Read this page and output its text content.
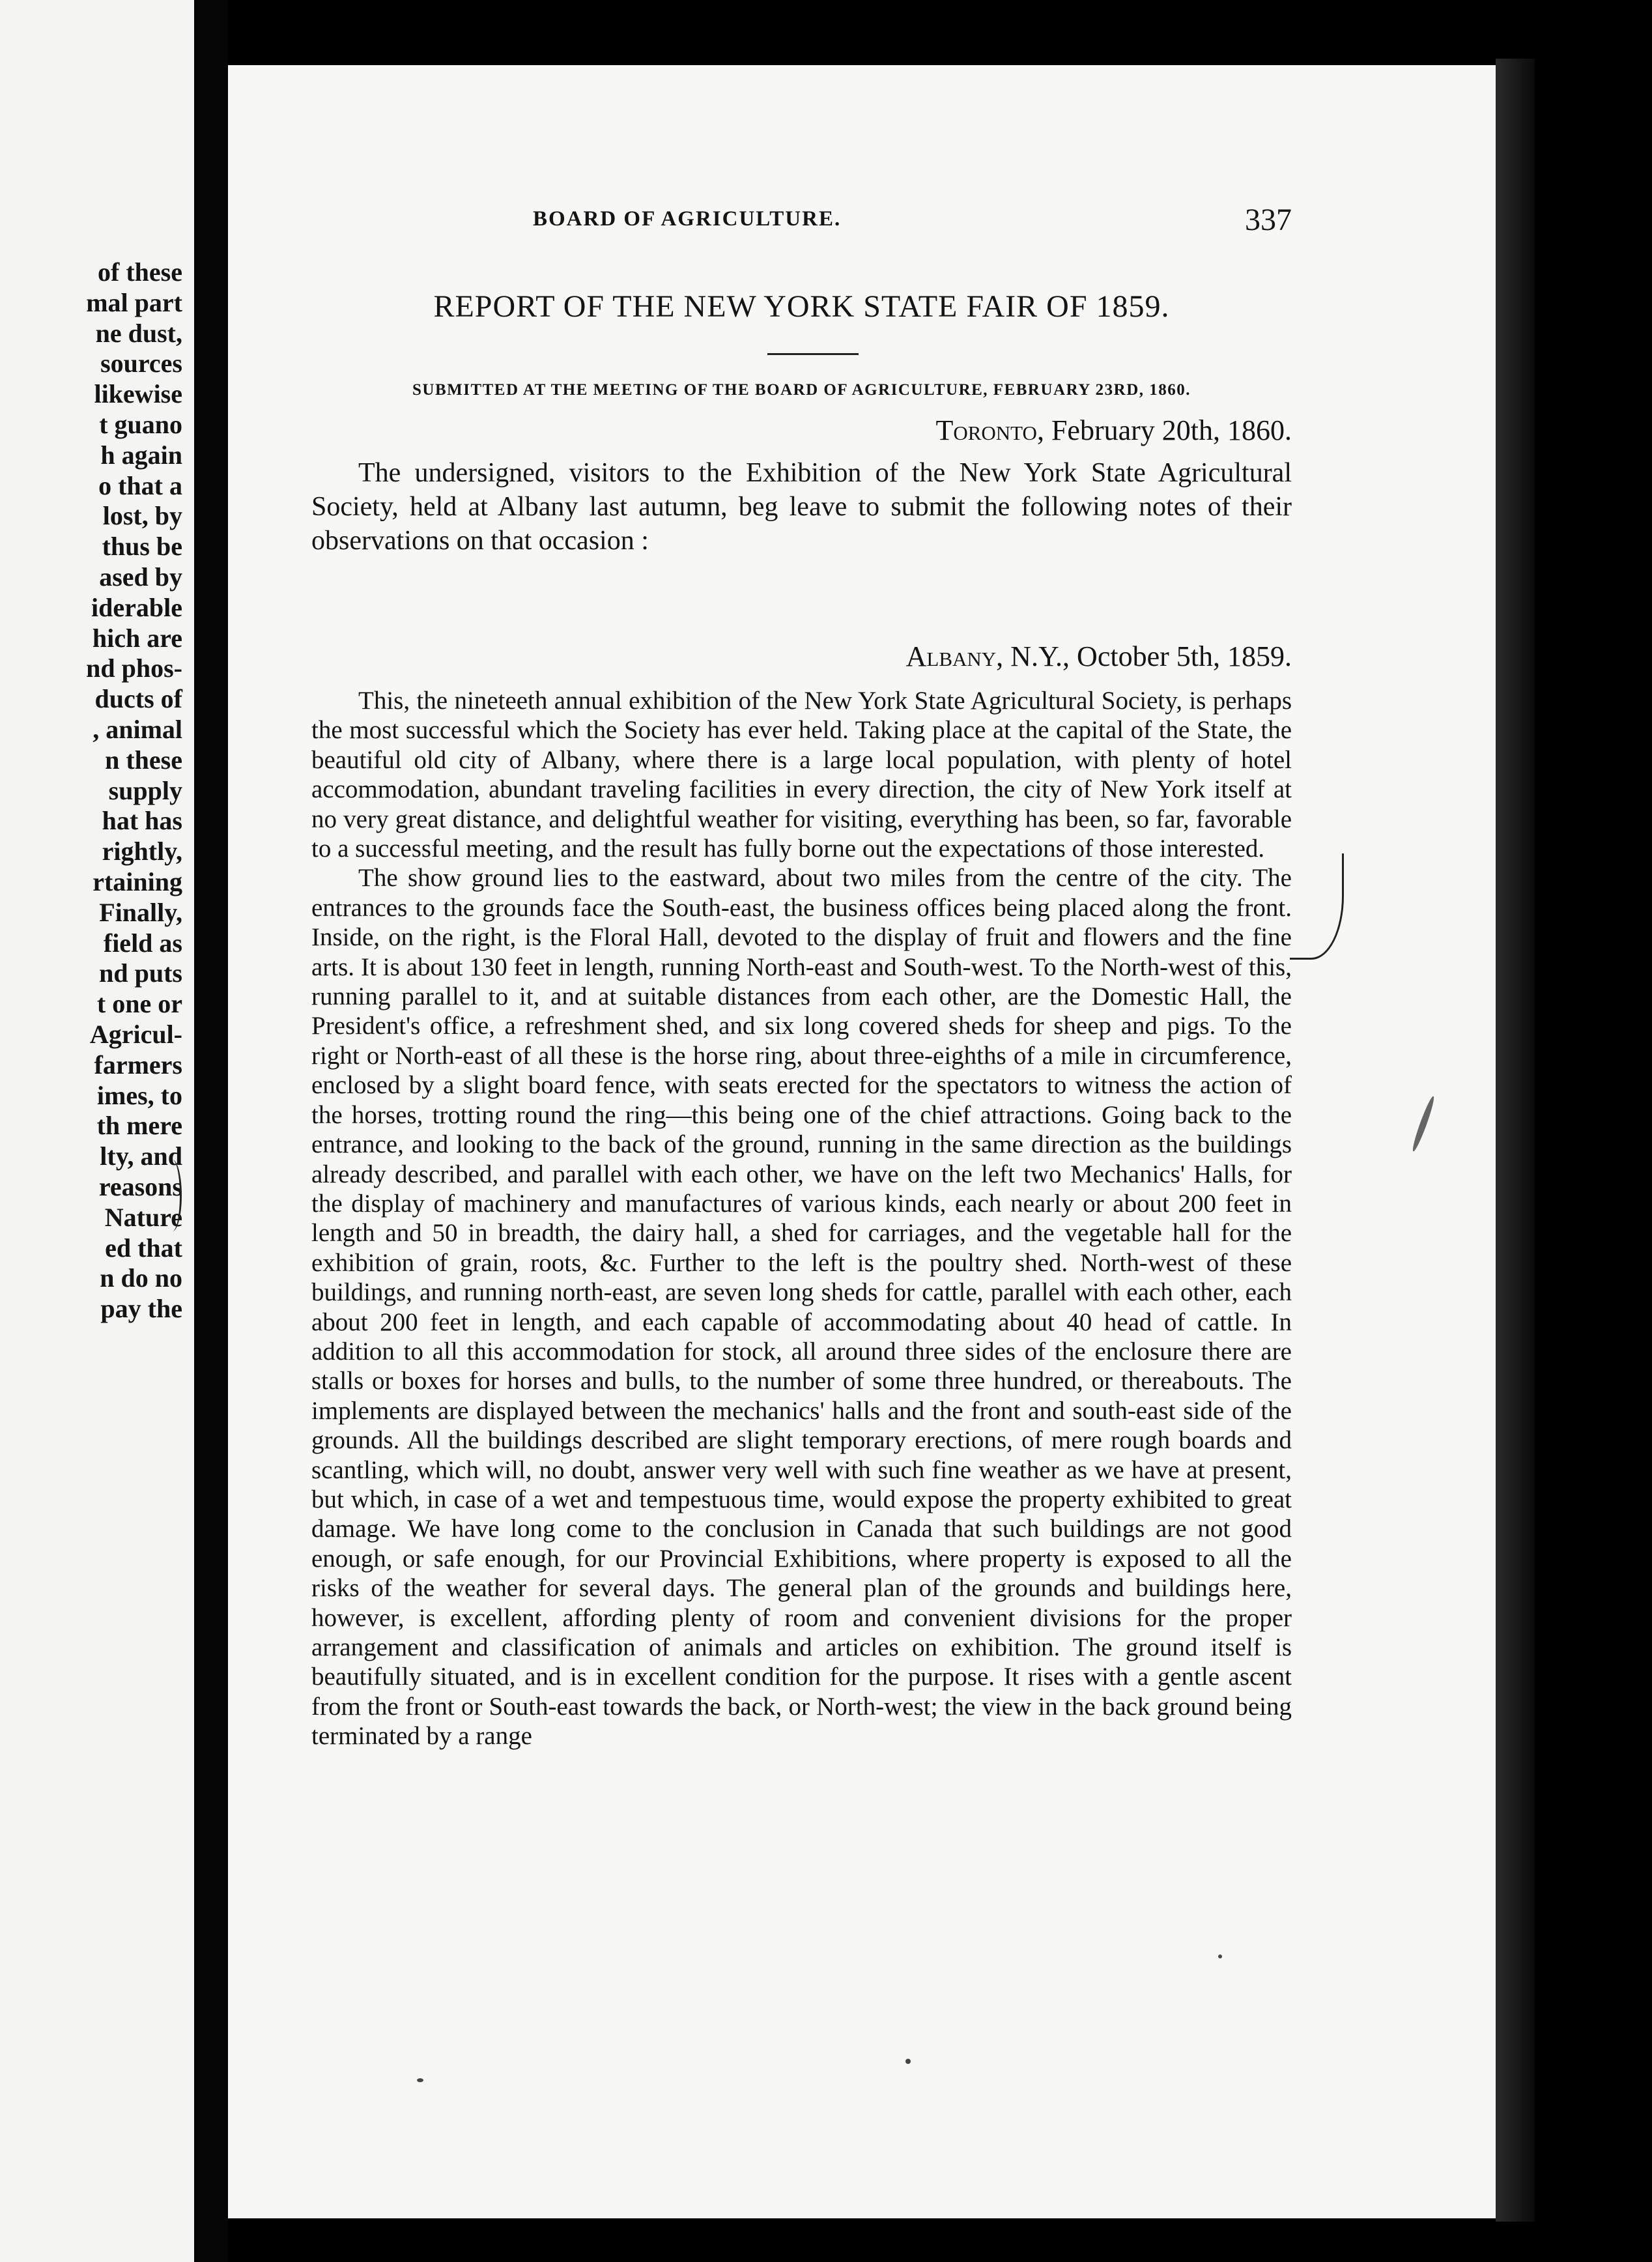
of these
mal part
ne dust,
sources
likewise
t guano
h again
o that a
lost, by
thus be
ased by
iderable
hich are
nd phos-
ducts of
, animal
n these
supply
hat has
rightly,
rtaining
Finally,
field as
nd puts
t one or
Agricul-
farmers
imes, to
th mere
lty, and
reasons
Nature
ed that
n do no
pay the
BOARD OF AGRICULTURE.	337
REPORT OF THE NEW YORK STATE FAIR OF 1859.
SUBMITTED AT THE MEETING OF THE BOARD OF AGRICULTURE, FEBRUARY 23RD, 1860.
Toronto, February 20th, 1860.

The undersigned, visitors to the Exhibition of the New York State Agricultural Society, held at Albany last autumn, beg leave to submit the following notes of their observations on that occasion :

Albany, N.Y., October 5th, 1859.

This, the nineteeth annual exhibition of the New York State Agricultural Society, is perhaps the most successful which the Society has ever held. Taking place at the capital of the State, the beautiful old city of Albany, where there is a large local population, with plenty of hotel accommodation, abundant traveling facilities in every direction, the city of New York itself at no very great distance, and delightful weather for visiting, everything has been, so far, favorable to a successful meeting, and the result has fully borne out the expectations of those interested.

The show ground lies to the eastward, about two miles from the centre of the city. The entrances to the grounds face the South-east, the business offices being placed along the front. Inside, on the right, is the Floral Hall, devoted to the display of fruit and flowers and the fine arts. It is about 130 feet in length, running North-east and South-west. To the North-west of this, running parallel to it, and at suitable distances from each other, are the Domestic Hall, the President's office, a refreshment shed, and six long covered sheds for sheep and pigs. To the right or North-east of all these is the horse ring, about three-eighths of a mile in circumference, enclosed by a slight board fence, with seats erected for the spectators to witness the action of the horses, trotting round the ring—this being one of the chief attractions. Going back to the entrance, and looking to the back of the ground, running in the same direction as the buildings already described, and parallel with each other, we have on the left two Mechanics' Halls, for the display of machinery and manufactures of various kinds, each nearly or about 200 feet in length and 50 in breadth, the dairy hall, a shed for carriages, and the vegetable hall for the exhibition of grain, roots, &c. Further to the left is the poultry shed. North-west of these buildings, and running north-east, are seven long sheds for cattle, parallel with each other, each about 200 feet in length, and each capable of accommodating about 40 head of cattle. In addition to all this accommodation for stock, all around three sides of the enclosure there are stalls or boxes for horses and bulls, to the number of some three hundred, or thereabouts. The implements are displayed between the mechanics' halls and the front and south-east side of the grounds. All the buildings described are slight temporary erections, of mere rough boards and scantling, which will, no doubt, answer very well with such fine weather as we have at present, but which, in case of a wet and tempestuous time, would expose the property exhibited to great damage. We have long come to the conclusion in Canada that such buildings are not good enough, or safe enough, for our Provincial Exhibitions, where property is exposed to all the risks of the weather for several days. The general plan of the grounds and buildings here, however, is excellent, affording plenty of room and convenient divisions for the proper arrangement and classification of animals and articles on exhibition. The ground itself is beautifully situated, and is in excellent condition for the purpose. It rises with a gentle ascent from the front or South-east towards the back, or North-west; the view in the back ground being terminated by a range
